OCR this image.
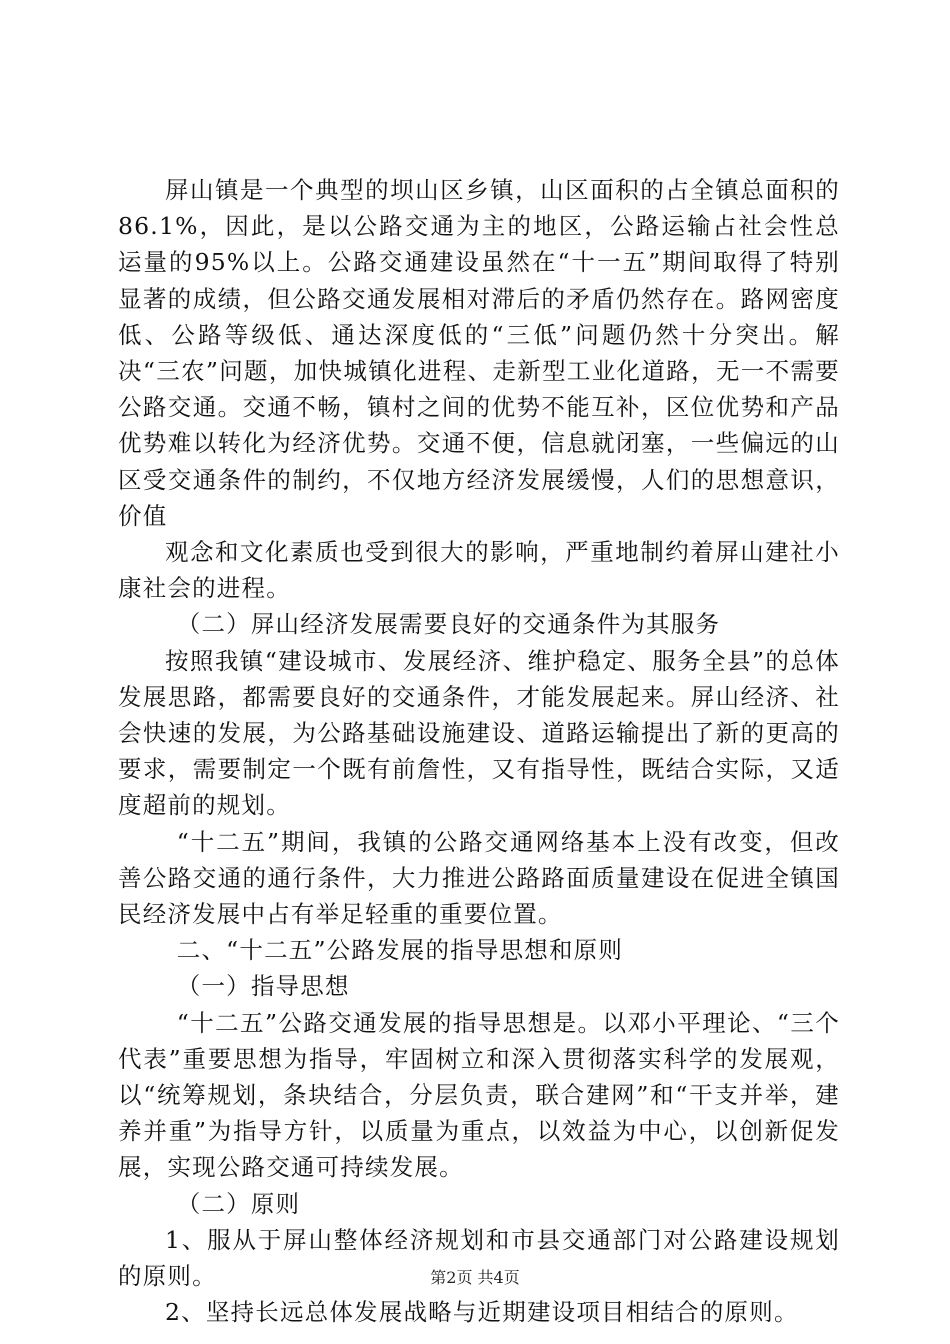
屏山镇是一个典型的坝山区乡镇，山区面积的占全镇总面积的86.1%，因此，是以公路交通为主的地区，公路运输占社会性总运量的95%以上。公路交通建设虽然在“十一五”期间取得了特别显著的成绩，但公路交通发展相对滞后的矛盾仍然存在。路网密度低、公路等级低、通达深度低的“三低”问题仍然十分突出。解决“三农”问题，加快城镇化进程、走新型工业化道路，无一不需要公路交通。交通不畅，镇村之间的优势不能互补，区位优势和产品优势难以转化为经济优势。交通不便，信息就闭塞，一些偏远的山区受交通条件的制约，不仅地方经济发展缓慢，人们的思想意识，价值

观念和文化素质也受到很大的影响，严重地制约着屏山建社小康社会的进程。

（二）屏山经济发展需要良好的交通条件为其服务

按照我镇“建设城市、发展经济、维护稳定、服务全县”的总体发展思路，都需要良好的交通条件，才能发展起来。屏山经济、社会快速的发展，为公路基础设施建设、道路运输提出了新的更高的要求，需要制定一个既有前詹性，又有指导性，既结合实际，又适度超前的规划。

“十二五”期间，我镇的公路交通网络基本上没有改变，但改善公路交通的通行条件，大力推进公路路面质量建设在促进全镇国民经济发展中占有举足轻重的重要位置。

二、“十二五”公路发展的指导思想和原则

（一）指导思想

“十二五”公路交通发展的指导思想是。以邓小平理论、“三个代表”重要思想为指导，牢固树立和深入贯彻落实科学的发展观，以“统筹规划，条块结合，分层负责，联合建网”和“干支并举，建养并重”为指导方针，以质量为重点，以效益为中心，以创新促发展，实现公路交通可持续发展。

（二）原则

1、服从于屏山整体经济规划和市县交通部门对公路建设规划的原则。

2、坚持长远总体发展战略与近期建设项目相结合的原则。

第2页 共4页
